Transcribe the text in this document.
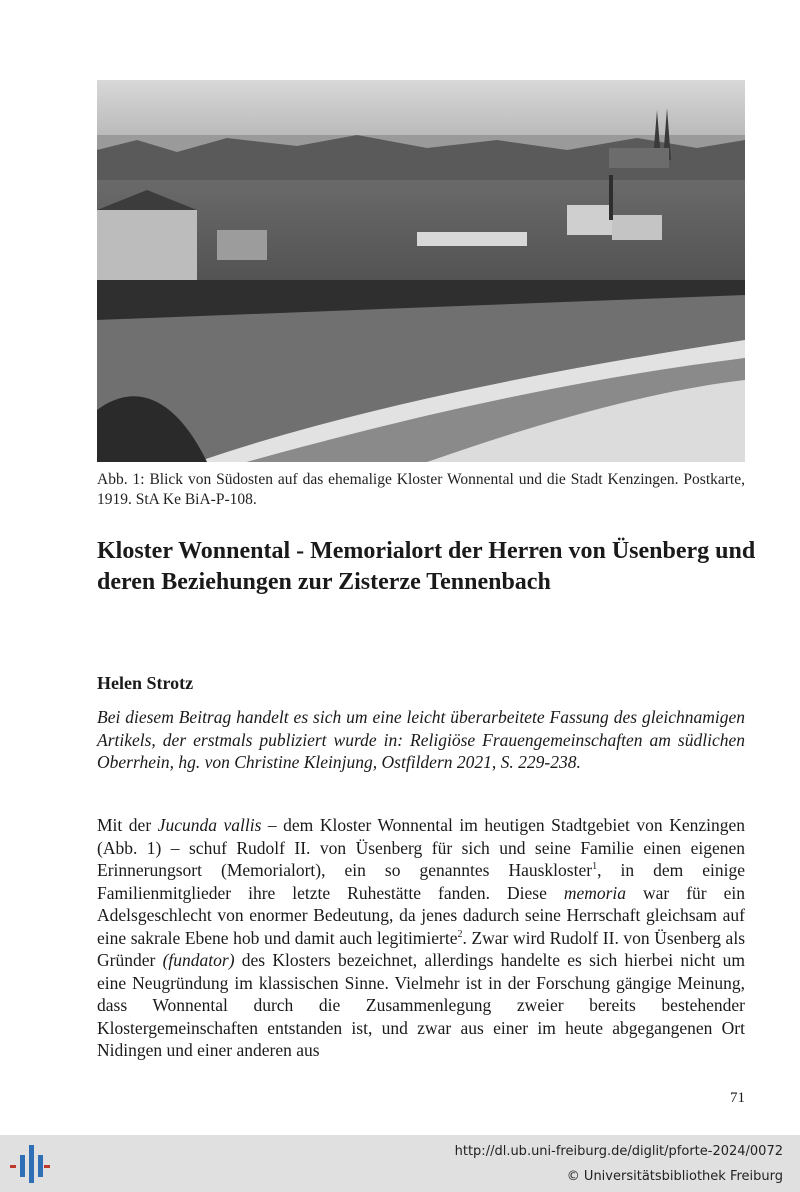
Abb. 1: Blick von Südosten auf das ehemalige Kloster Wonnental und die Stadt Kenzingen. Postkarte, 1919. StA Ke BiA-P-108.
Kloster Wonnental - Memorialort der Herren von Üsenberg und deren Beziehungen zur Zisterze Tennenbach

Helen Strotz

Bei diesem Beitrag handelt es sich um eine leicht überarbeitete Fassung des gleichnamigen Artikels, der erstmals publiziert wurde in: Religiöse Frauengemeinschaften am südlichen Oberrhein, hg. von Christine Kleinjung, Ostfildern 2021, S. 229-238.

Mit der Jucunda vallis – dem Kloster Wonnental im heutigen Stadtgebiet von Kenzingen (Abb. 1) – schuf Rudolf II. von Üsenberg für sich und seine Familie einen eigenen Erinnerungsort (Memorialort), ein so genanntes Hauskloster$^1$, in dem einige Familienmitglieder ihre letzte Ruhestätte fanden. Diese memoria war für ein Adelsgeschlecht von enormer Bedeutung, da jenes dadurch seine Herrschaft gleichsam auf eine sakrale Ebene hob und damit auch legitimierte$^2$. Zwar wird Rudolf II. von Üsenberg als Gründer (fundator) des Klosters bezeichnet, allerdings handelte es sich hierbei nicht um eine Neugründung im klassischen Sinne. Vielmehr ist in der Forschung gängige Meinung, dass Wonnental durch die Zusammenlegung zweier bereits bestehender Klostergemeinschaften entstanden ist, und zwar aus einer im heute abgegangenen Ort Nidingen und einer anderen aus

71
http://dl.ub.uni-freiburg.de/diglit/pforte-2024/0072
© Universitätsbibliothek Freiburg
